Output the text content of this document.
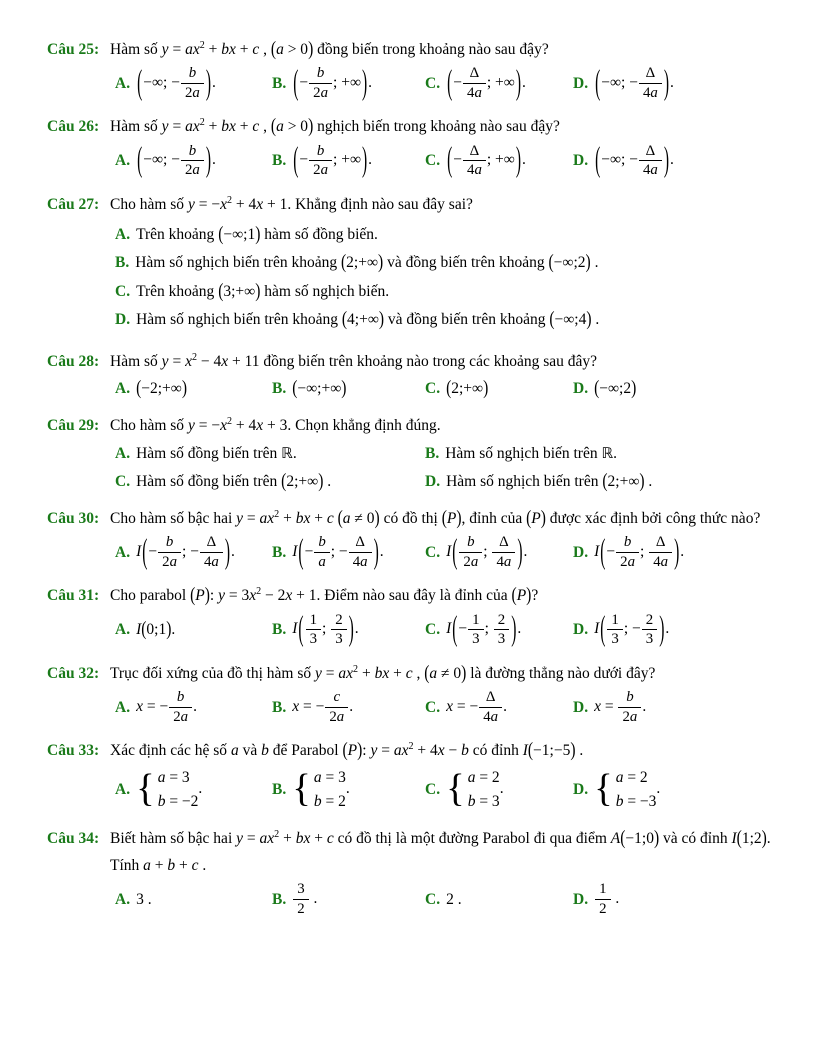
Câu 25: Hàm số $y = ax^2$ + bx + c , (a > 0) đồng biến trong khoảng nào sau đậy?
A. (−∞; − $\frac{b}{2a}$ ).	B. (− $\frac{b}{2a}$ ; +∞).	C. (− $\frac{\Delta}{4a}$ ; +∞).	D. (−∞; − $\frac{\Delta}{4a}$ ).
Câu 26: Hàm số $y = ax^2$ + bx + c , (a > 0) nghịch biến trong khoảng nào sau đậy?
A. (−∞; − $\frac{b}{2a}$ ).	B. (− $\frac{b}{2a}$ ; +∞).	C. (− $\frac{\Delta}{4a}$ ; +∞).	D. (−∞; − $\frac{\Delta}{4a}$ ).
Câu 27: Cho hàm số $y = -x^2 + 4x + 1$. Khẳng định nào sau đây sai?
A. Trên khoảng (−∞;1) hàm số đồng biến.
B. Hàm số nghịch biến trên khoảng (2;+∞) và đồng biến trên khoảng (−∞;2) .
C. Trên khoảng (3;+∞) hàm số nghịch biến.
D. Hàm số nghịch biến trên khoảng (4;+∞) và đồng biến trên khoảng (−∞;4) .
Câu 28: Hàm số $y = x^2 - 4x + 11$ đồng biến trên khoảng nào trong các khoảng sau đây?
A. (−2;+∞)	B. (−∞;+∞)	C. (2;+∞)	D. (−∞;2)
Câu 29: Cho hàm số $y = -x^2 + 4x + 3$. Chọn khẳng định đúng.
A. Hàm số đồng biến trên ℝ.	B. Hàm số nghịch biến trên ℝ.
C. Hàm số đồng biến trên (2;+∞) .	D. Hàm số nghịch biến trên (2;+∞) .
Câu 30: Cho hàm số bậc hai $y = ax^2$ + bx + c (a ≠ 0) có đồ thị (P), đỉnh của (P) được xác định bởi công thức nào?
A. $I(- \frac{b}{2a}$ ; − $\frac{\Delta}{4a}$ ). B. $I(- \frac{b}{a}$ ; − $\frac{\Delta}{4a}$ ).	C. $I( \frac{b}{2a}$ ; $\frac{\Delta}{4a}$ ).	D. $I(- \frac{b}{2a}$ ; $\frac{\Delta}{4a}$ ).
Câu 31: Cho parabol (P): $y = 3x^2 - 2x + 1$. Điểm nào sau đây là đỉnh của (P)?
A. I(0;1).	B. $I( \frac{1}{3}$ ; $\frac{2}{3}$ ).	C. $I(- \frac{1}{3}$ ; $\frac{2}{3}$ ).	D. $I( \frac{1}{3}$ ; − $\frac{2}{3}$ ).
Câu 32: Trục đối xứng của đồ thị hàm số $y = ax^2$ + bx + c , (a ≠ 0) là đường thẳng nào dưới đây?
A. x = − $\frac{b}{2a}$ .	B. x = − $\frac{c}{2a}$ .	C. x = − $\frac{\Delta}{4a}$ .	D. $x = \frac{b}{2a}$ .
Câu 33: Xác định các hệ số a và b để Parabol (P): $y = ax^2 + 4x - b$ có đỉnh I(−1;−5) .
A. { a = 3
b = −2
.	B. { a = 3
b = 2
.	C. { a = 2
b = 3
.	D. { a = 2
b = −3
.
Câu 34: Biết hàm số bậc hai $y = ax^2$ + bx + c có đồ thị là một đường Parabol đi qua điểm A(−1;0) và có đỉnh I(1;2). Tính a + b + c .
A. 3 .	B. $\frac{3}{2}$ .	C. 2 .	D. $\frac{1}{2}$ .
